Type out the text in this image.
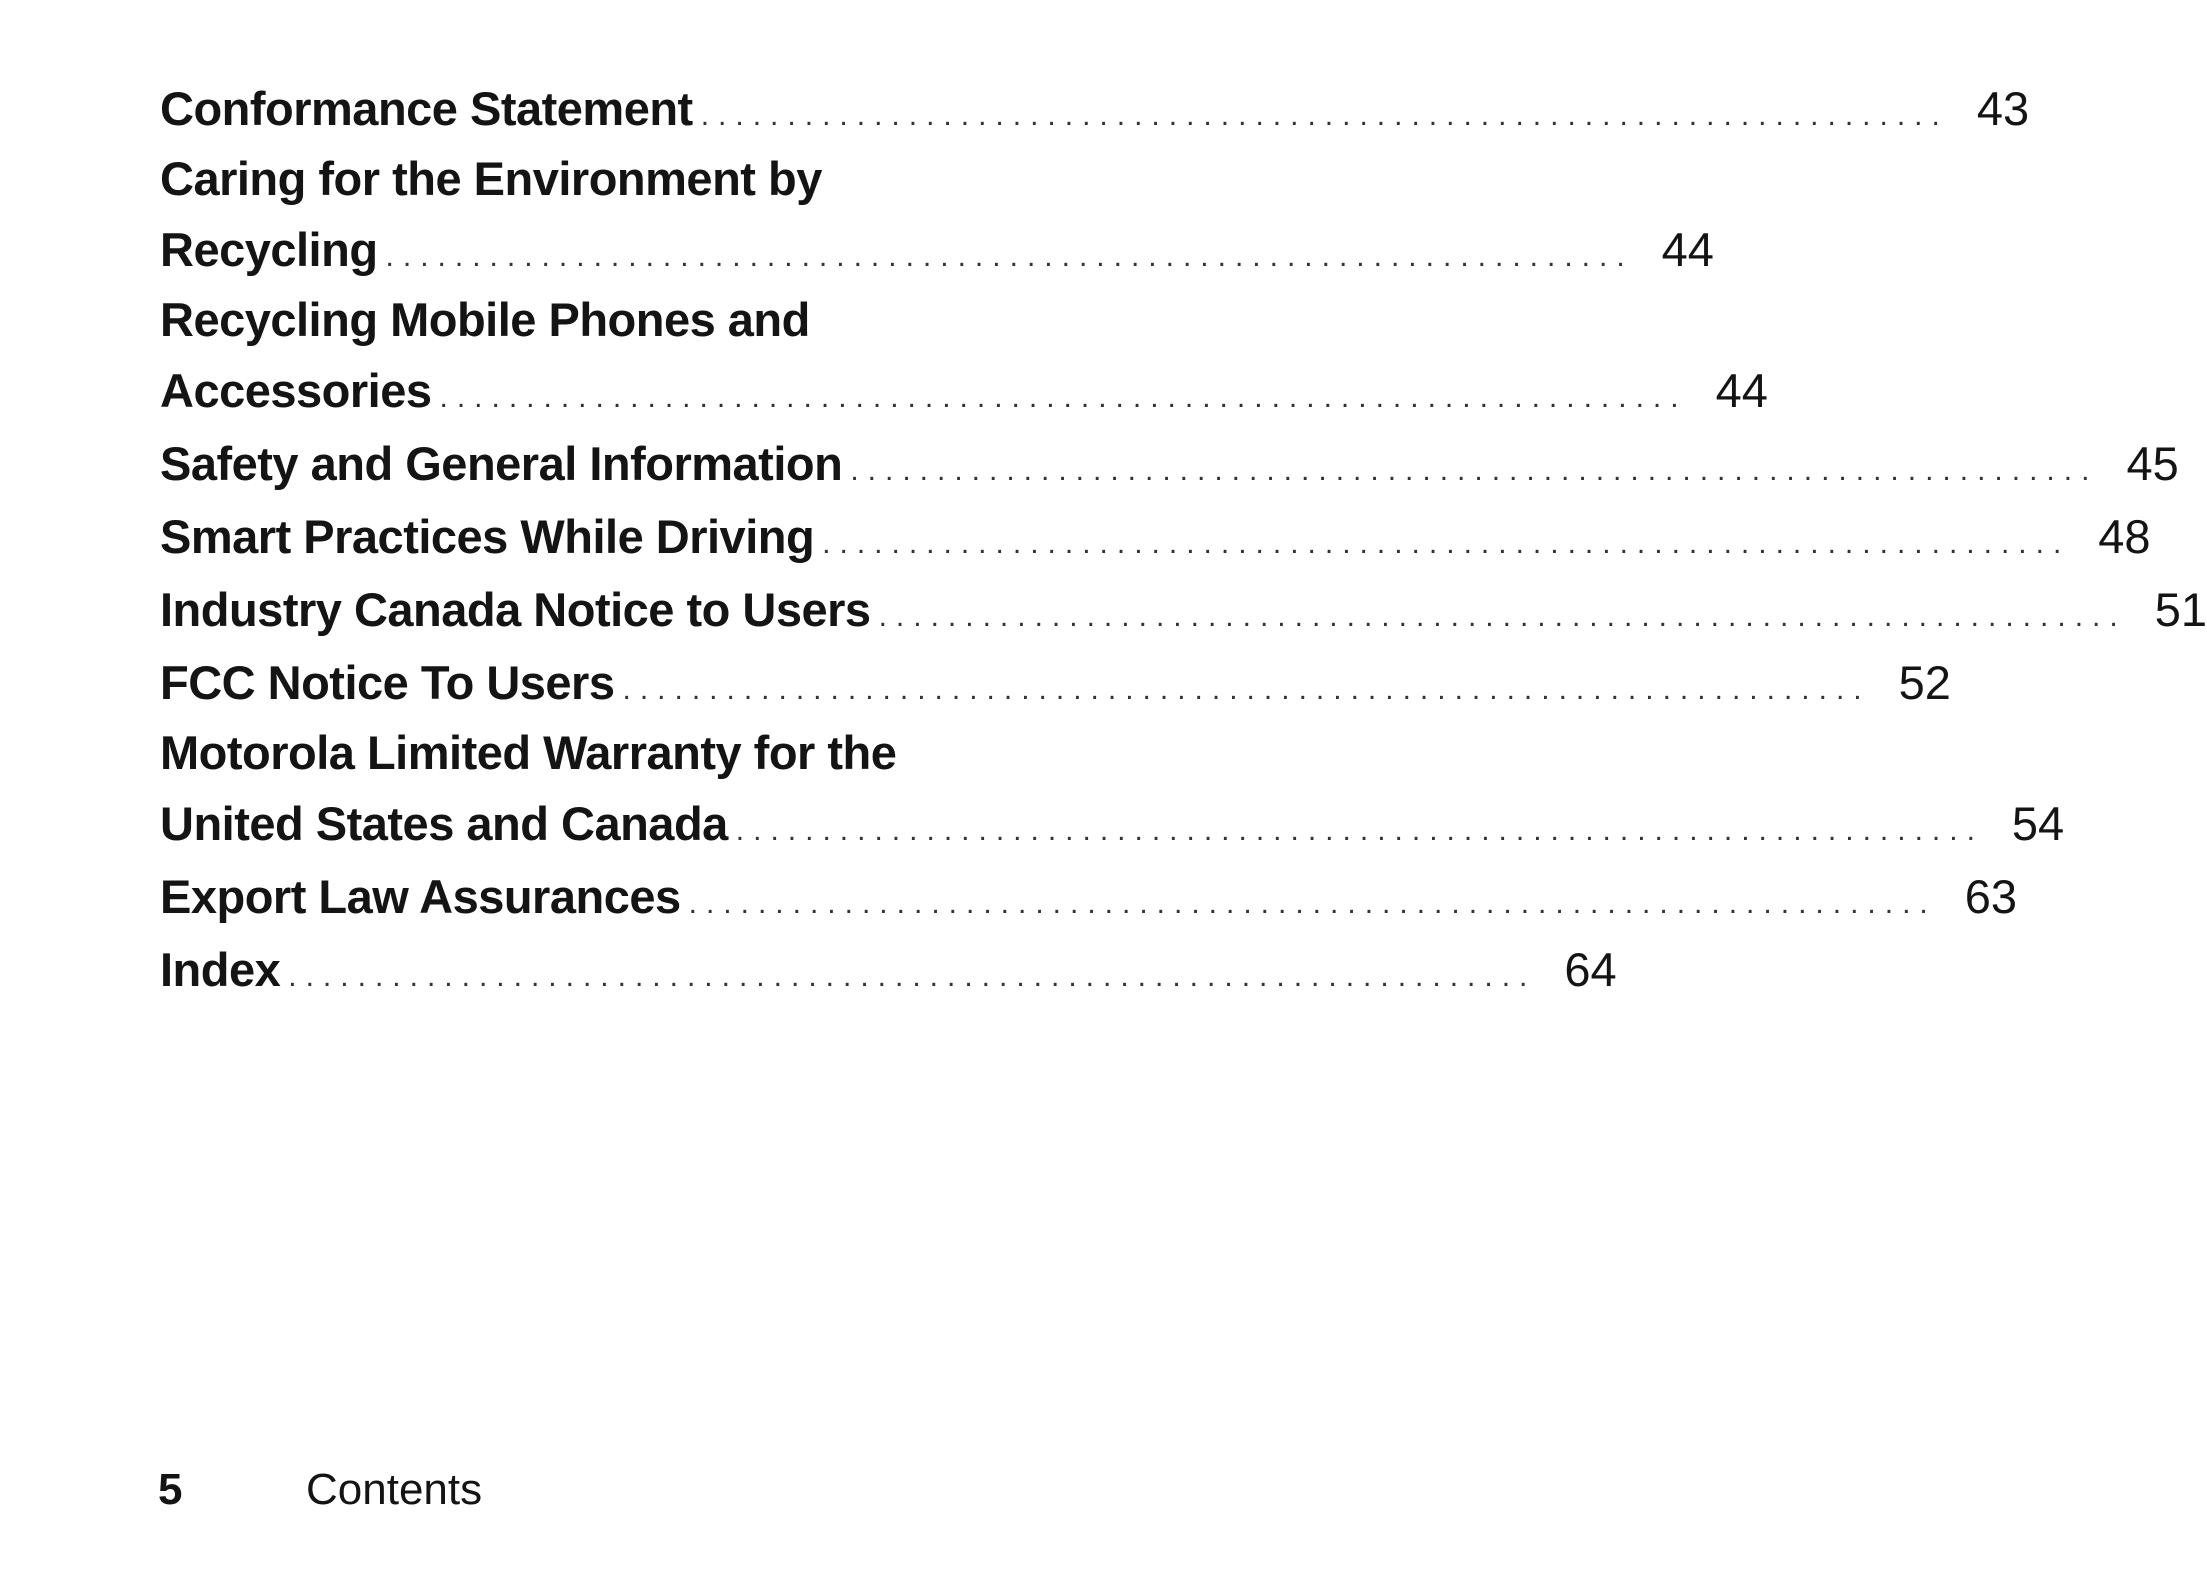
Conformance Statement ........................................................................ 43
Caring for the Environment by
Recycling ........................................................................ 44
Recycling Mobile Phones and
Accessories ........................................................................ 44
Safety and General Information ........................................................................ 45
Smart Practices While Driving ........................................................................ 48
Industry Canada Notice to Users ........................................................................ 51
FCC Notice To Users ........................................................................ 52
Motorola Limited Warranty for the
United States and Canada ........................................................................ 54
Export Law Assurances ........................................................................ 63
Index ........................................................................ 64
5	Contents
